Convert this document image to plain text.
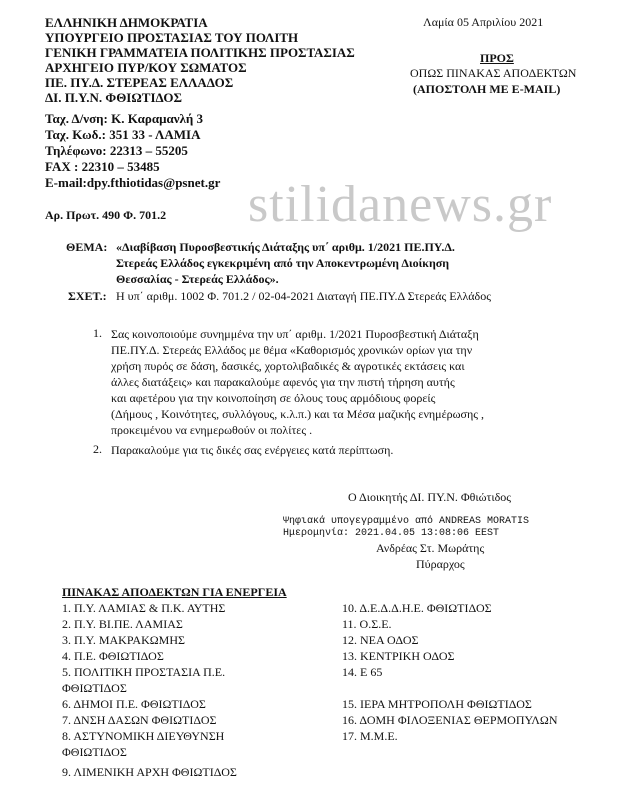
stilidanews.gr
ΕΛΛΗΝΙΚΗ ΔΗΜΟΚΡΑΤΙΑ
ΥΠΟΥΡΓΕΙΟ ΠΡΟΣΤΑΣΙΑΣ ΤΟΥ ΠΟΛΙΤΗ
ΓΕΝΙΚΗ ΓΡΑΜΜΑΤΕΙΑ ΠΟΛΙΤΙΚΗΣ ΠΡΟΣΤΑΣΙΑΣ
ΑΡΧΗΓΕΙΟ ΠΥΡ/ΚΟΥ ΣΩΜΑΤΟΣ
ΠΕ. ΠΥ.Δ. ΣΤΕΡΕΑΣ ΕΛΛΑΔΟΣ
ΔΙ. Π.Υ.Ν. ΦΘΙΩΤΙΔΟΣ
Ταχ. Δ/νση: Κ. Καραμανλή 3
Ταχ. Κωδ.: 351 33 - ΛΑΜΙΑ
Τηλέφωνο: 22313 – 55205
FAX : 22310 – 53485
E-mail:dpy.fthiotidas@psnet.gr
Λαμία 05 Απριλίου 2021
ΠΡΟΣ
ΟΠΩΣ ΠΙΝΑΚΑΣ ΑΠΟΔΕΚΤΩΝ
(ΑΠΟΣΤΟΛΗ ΜΕ E-MAIL)
Αρ. Πρωτ. 490 Φ. 701.2
ΘΕΜΑ: «Διαβίβαση Πυροσβεστικής Διάταξης υπ΄ αριθμ. 1/2021 ΠΕ.ΠΥ.Δ.
Στερεάς Ελλάδος εγκεκριμένη από την Αποκεντρωμένη Διοίκηση
Θεσσαλίας - Στερεάς Ελλάδος».
ΣΧΕΤ.: Η υπ΄ αριθμ. 1002 Φ. 701.2 / 02-04-2021 Διαταγή ΠΕ.ΠΥ.Δ Στερεάς Ελλάδος
1. Σας κοινοποιούμε συνημμένα την υπ΄ αριθμ. 1/2021 Πυροσβεστική Διάταξη
ΠΕ.ΠΥ.Δ. Στερεάς Ελλάδος με θέμα «Καθορισμός χρονικών ορίων για την
χρήση πυρός σε δάση, δασικές, χορτολιβαδικές & αγροτικές εκτάσεις και
άλλες διατάξεις» και παρακαλούμε αφενός για την πιστή τήρηση αυτής
και αφετέρου για την κοινοποίηση σε όλους τους αρμόδιους φορείς
(Δήμους , Κοινότητες, συλλόγους, κ.λ.π.) και τα Μέσα μαζικής ενημέρωσης ,
προκειμένου να ενημερωθούν οι πολίτες .
2. Παρακαλούμε για τις δικές σας ενέργειες κατά περίπτωση.
Ο Διοικητής ΔΙ. ΠΥ.Ν. Φθιώτιδος
Ψηφιακά υπογεγραμμένο από ANDREAS MORATIS
Ημερομηνία: 2021.04.05 13:08:06 EEST
Ανδρέας Στ. Μωράτης
Πύραρχος
ΠΙΝΑΚΑΣ ΑΠΟΔΕΚΤΩΝ ΓΙΑ ΕΝΕΡΓΕΙΑ
1. Π.Υ. ΛΑΜΙΑΣ & Π.Κ. ΑΥΤΗΣ
2. Π.Υ. ΒΙ.ΠΕ. ΛΑΜΙΑΣ
3. Π.Υ. ΜΑΚΡΑΚΩΜΗΣ
4. Π.Ε. ΦΘΙΩΤΙΔΟΣ
5. ΠΟΛΙΤΙΚΗ ΠΡΟΣΤΑΣΙΑ Π.Ε.
ΦΘΙΩΤΙΔΟΣ
6. ΔΗΜΟΙ Π.Ε. ΦΘΙΩΤΙΔΟΣ
7. ΔΝΣΗ ΔΑΣΩΝ ΦΘΙΩΤΙΔΟΣ
8. ΑΣΤΥΝΟΜΙΚΗ ΔΙΕΥΘΥΝΣΗ
ΦΘΙΩΤΙΔΟΣ
9. ΛΙΜΕΝΙΚΗ ΑΡΧΗ ΦΘΙΩΤΙΔΟΣ
10. Δ.Ε.Δ.Δ.Η.Ε. ΦΘΙΩΤΙΔΟΣ
11. Ο.Σ.Ε.
12. ΝΕΑ ΟΔΟΣ
13. ΚΕΝΤΡΙΚΗ ΟΔΟΣ
14. Ε 65
15. ΙΕΡΑ ΜΗΤΡΟΠΟΛΗ ΦΘΙΩΤΙΔΟΣ
16. ΔΟΜΗ ΦΙΛΟΞΕΝΙΑΣ ΘΕΡΜΟΠΥΛΩΝ
17. Μ.Μ.Ε.
